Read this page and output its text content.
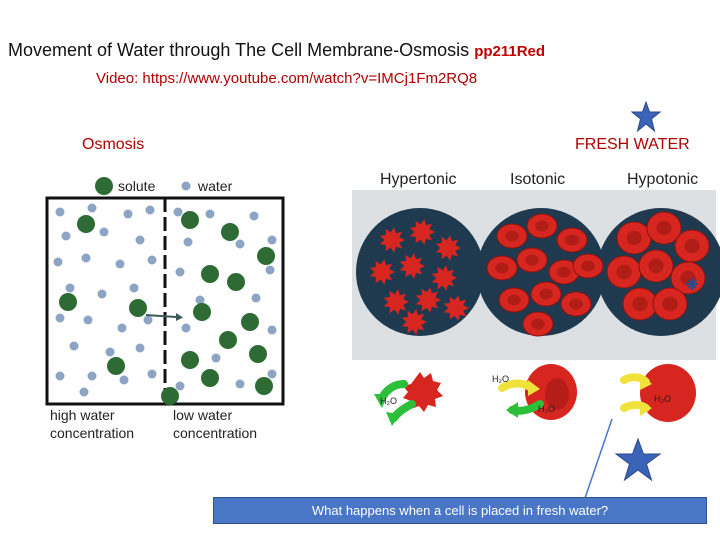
Movement of Water through The Cell Membrane-Osmosis pp211Red
Video: https://www.youtube.com/watch?v=IMCj1Fm2RQ8
Osmosis	FRESH WATER
solute	water
high water
concentration
low water
concentration
Hypertonic	Isotonic	Hypotonic
H₂O
H₂O
H₂O
H₂O
What happens when a cell is placed in fresh water?
